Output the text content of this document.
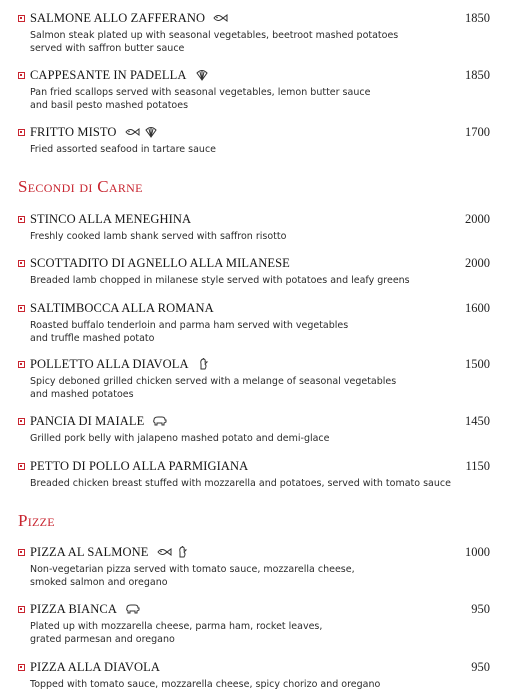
SALMONE ALLO ZAFFERANO	1850
Salmon steak plated up with seasonal vegetables, beetroot mashed potatoes
served with saffron butter sauce
CAPPESANTE IN PADELLA	1850
Pan fried scallops served with seasonal vegetables, lemon butter sauce
and basil pesto mashed potatoes
FRITTO MISTO	1700
Fried assorted seafood in tartare sauce
Secondi di Carne
STINCO ALLA MENEGHINA	2000
Freshly cooked lamb shank served with saffron risotto
SCOTTADITO DI AGNELLO ALLA MILANESE	2000
Breaded lamb chopped in milanese style served with potatoes and leafy greens
SALTIMBOCCA ALLA ROMANA	1600
Roasted buffalo tenderloin and parma ham served with vegetables
and truffle mashed potato
POLLETTO ALLA DIAVOLA	1500
Spicy deboned grilled chicken served with a melange of seasonal vegetables
and mashed potatoes
PANCIA DI MAIALE	1450
Grilled pork belly with jalapeno mashed potato and demi-glace
PETTO DI POLLO ALLA PARMIGIANA	1150
Breaded chicken breast stuffed with mozzarella and potatoes, served with tomato sauce
Pizze
PIZZA AL SALMONE	1000
Non-vegetarian pizza served with tomato sauce, mozzarella cheese,
smoked salmon and oregano
PIZZA BIANCA	950
Plated up with mozzarella cheese, parma ham, rocket leaves,
grated parmesan and oregano
PIZZA ALLA DIAVOLA	950
Topped with tomato sauce, mozzarella cheese, spicy chorizo and oregano
